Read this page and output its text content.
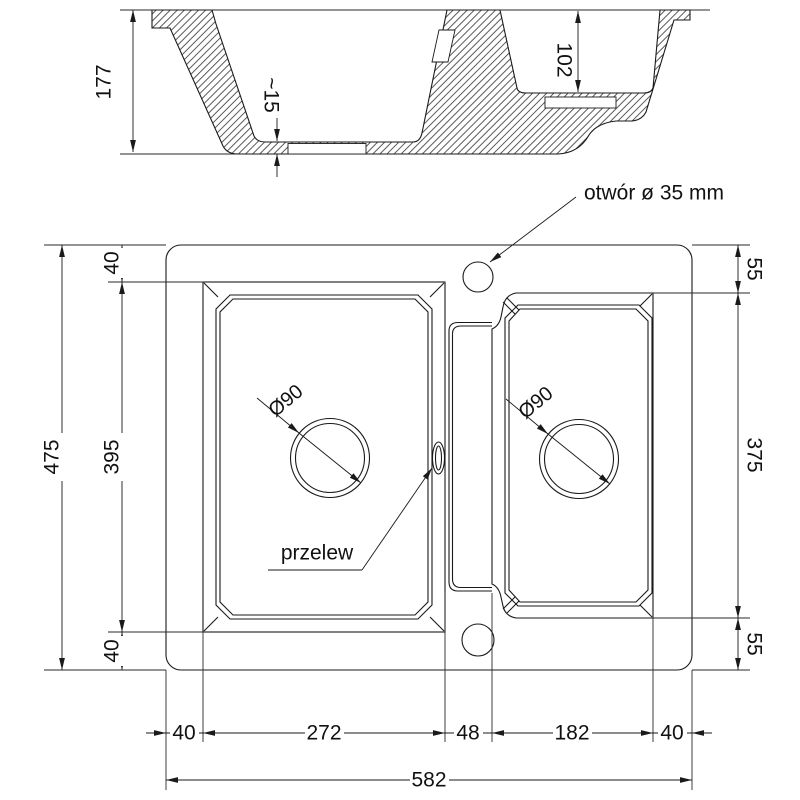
177	~15
102
otwór ø 35 mm
przelew
Ø90	Ø90
475
40
395
40
55
375
55
40	272	48	182	40
582
